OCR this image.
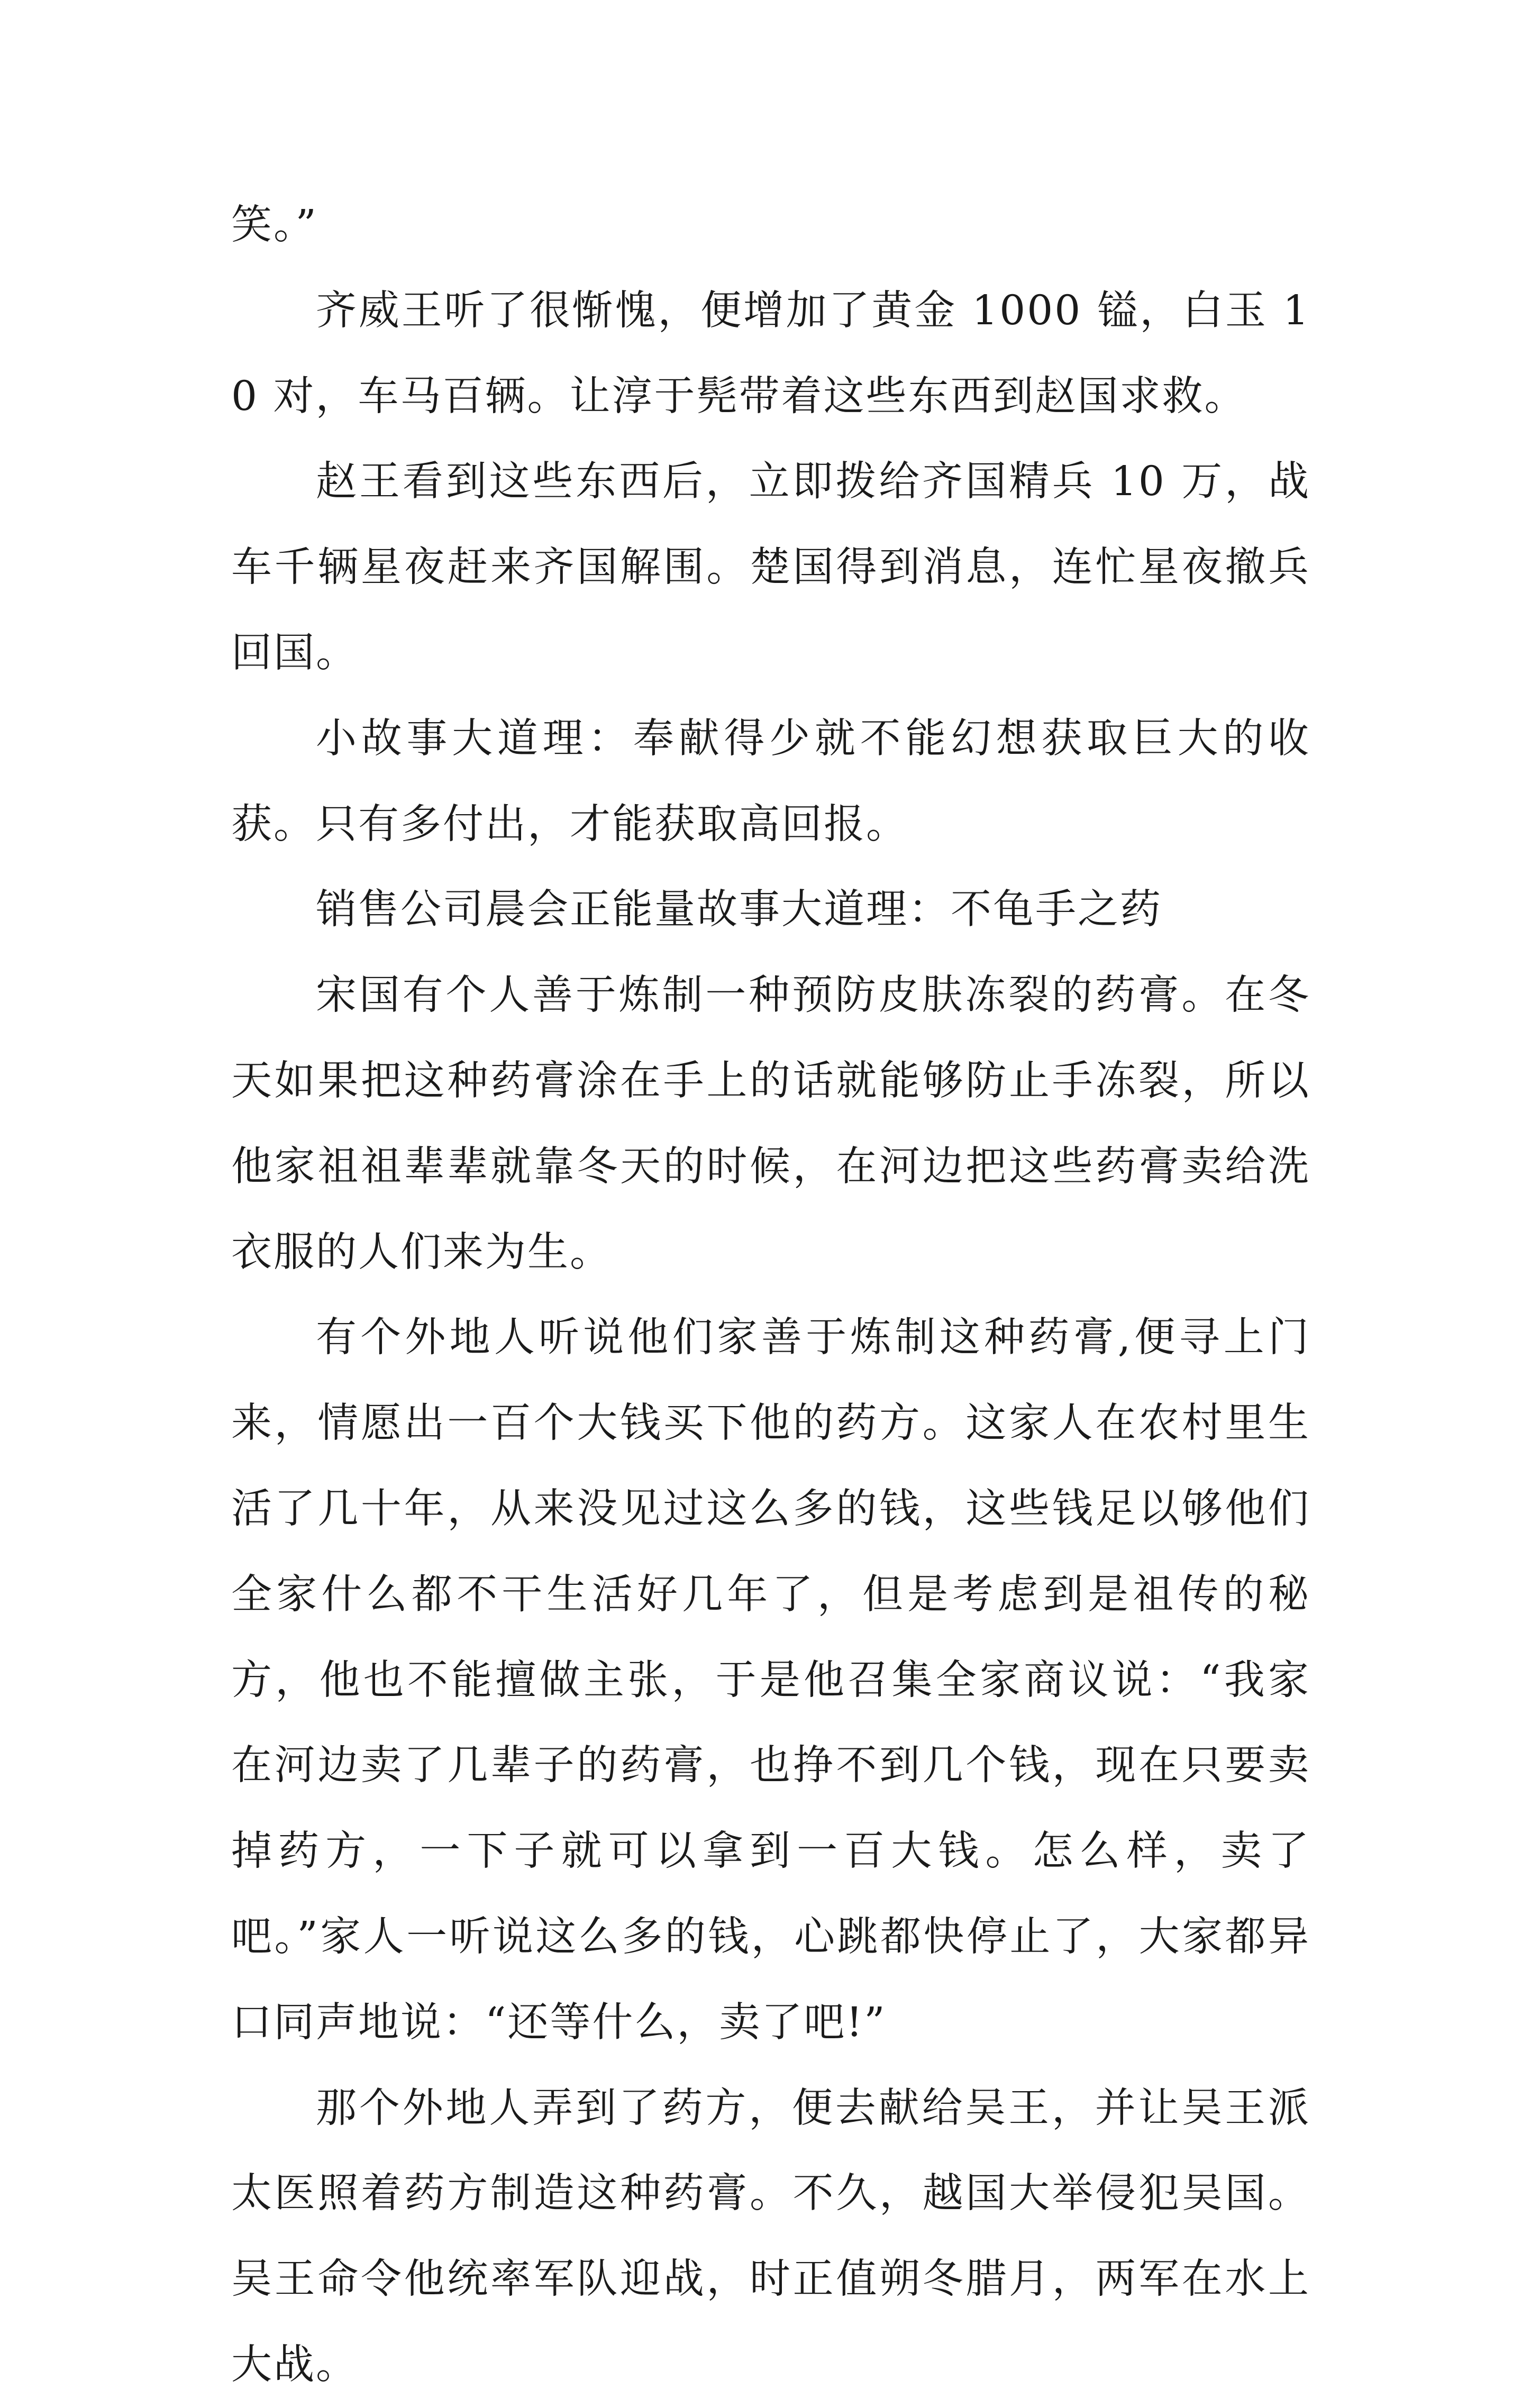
笑。”

齐威王听了很惭愧，便增加了黄金 1000 镒，白玉 10 对，车马百辆。让淳于髡带着这些东西到赵国求救。

赵王看到这些东西后，立即拨给齐国精兵 10 万，战车千辆星夜赶来齐国解围。楚国得到消息，连忙星夜撤兵回国。

小故事大道理：奉献得少就不能幻想获取巨大的收获。只有多付出，才能获取高回报。

销售公司晨会正能量故事大道理：不龟手之药

宋国有个人善于炼制一种预防皮肤冻裂的药膏。在冬天如果把这种药膏涂在手上的话就能够防止手冻裂，所以他家祖祖辈辈就靠冬天的时候，在河边把这些药膏卖给洗衣服的人们来为生。

有个外地人听说他们家善于炼制这种药膏,便寻上门来，情愿出一百个大钱买下他的药方。这家人在农村里生活了几十年，从来没见过这么多的钱，这些钱足以够他们全家什么都不干生活好几年了，但是考虑到是祖传的秘方，他也不能擅做主张，于是他召集全家商议说：“我家在河边卖了几辈子的药膏，也挣不到几个钱，现在只要卖掉药方，一下子就可以拿到一百大钱。怎么样，卖了吧。”家人一听说这么多的钱，心跳都快停止了，大家都异口同声地说：“还等什么，卖了吧!”

那个外地人弄到了药方，便去献给吴王，并让吴王派太医照着药方制造这种药膏。不久，越国大举侵犯吴国。吴王命令他统率军队迎战，时正值朔冬腊月，两军在水上大战。
